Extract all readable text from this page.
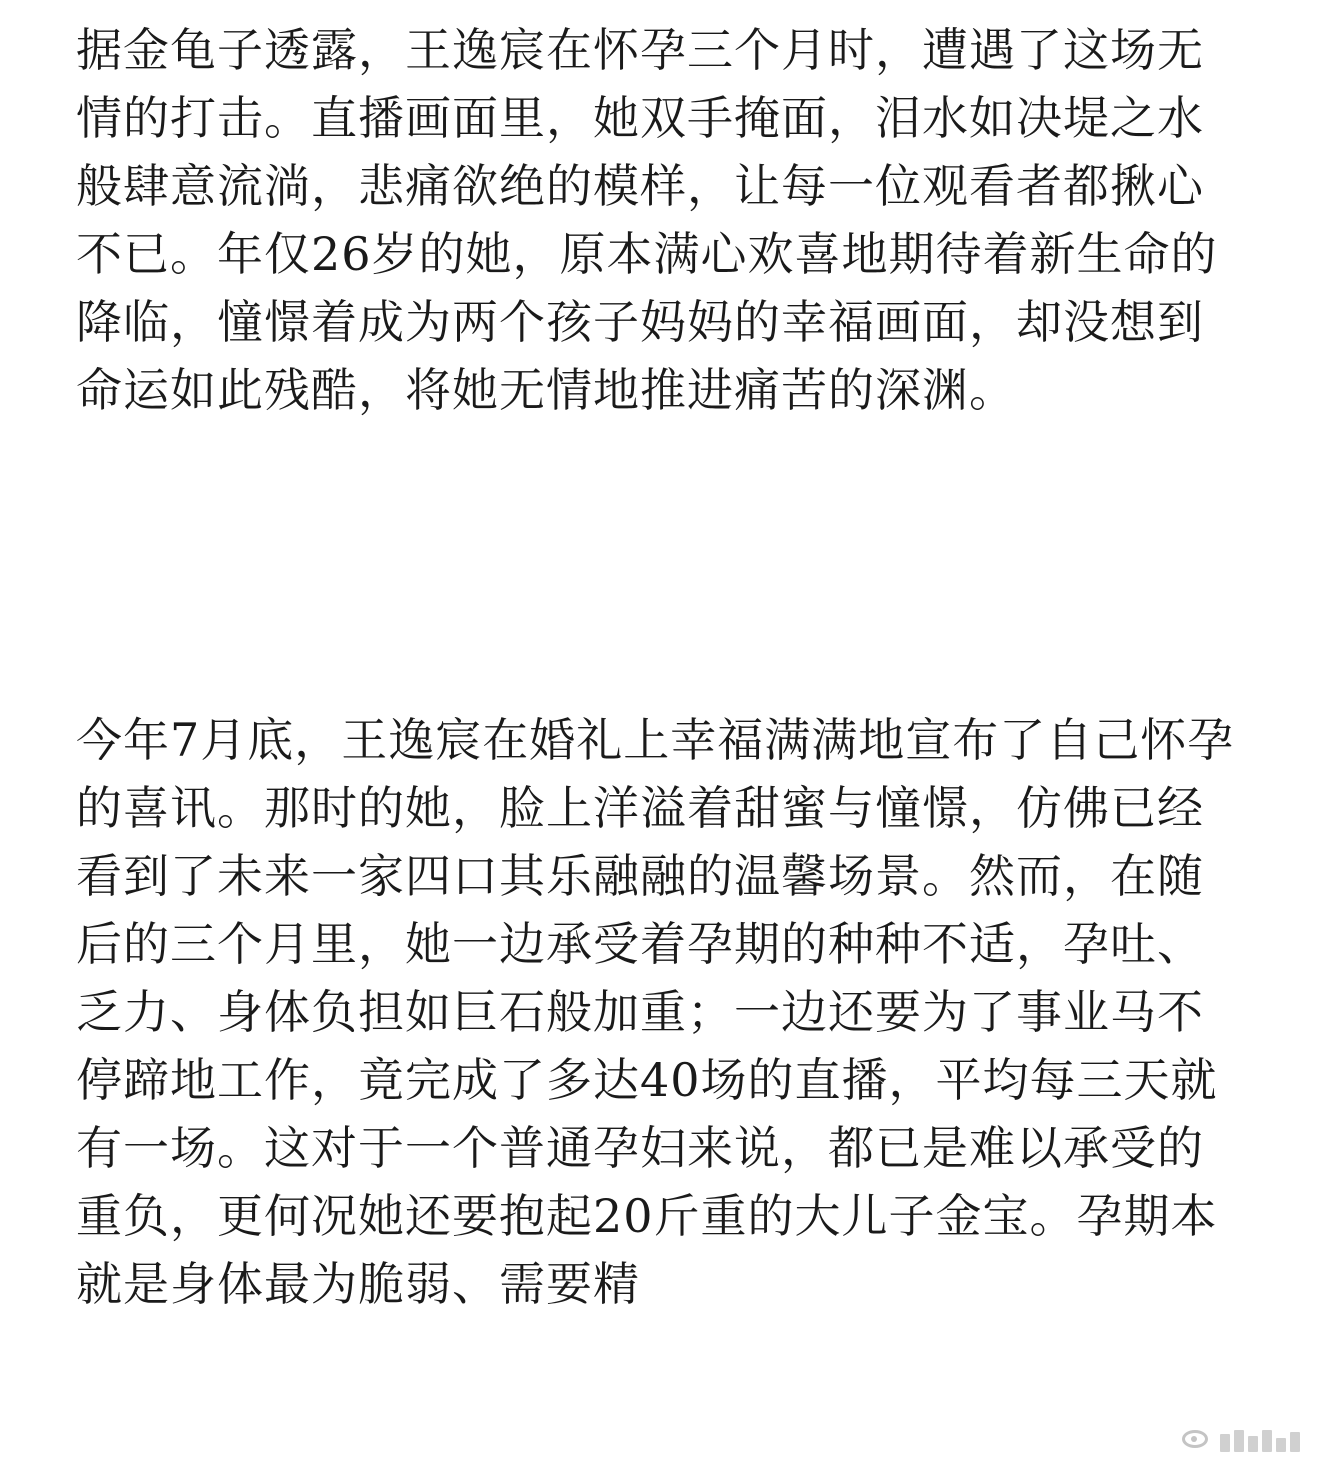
据金龟子透露，王逸宸在怀孕三个月时，遭遇了这场无情的打击。直播画面里，她双手掩面，泪水如决堤之水般肆意流淌，悲痛欲绝的模样，让每一位观看者都揪心不已。年仅26岁的她，原本满心欢喜地期待着新生命的降临，憧憬着成为两个孩子妈妈的幸福画面，却没想到命运如此残酷，将她无情地推进痛苦的深渊。

今年7月底，王逸宸在婚礼上幸福满满地宣布了自己怀孕的喜讯。那时的她，脸上洋溢着甜蜜与憧憬，仿佛已经看到了未来一家四口其乐融融的温馨场景。然而，在随后的三个月里，她一边承受着孕期的种种不适，孕吐、乏力、身体负担如巨石般加重；一边还要为了事业马不停蹄地工作，竟完成了多达40场的直播，平均每三天就有一场。这对于一个普通孕妇来说，都已是难以承受的重负，更何况她还要抱起20斤重的大儿子金宝。孕期本就是身体最为脆弱、需要精
